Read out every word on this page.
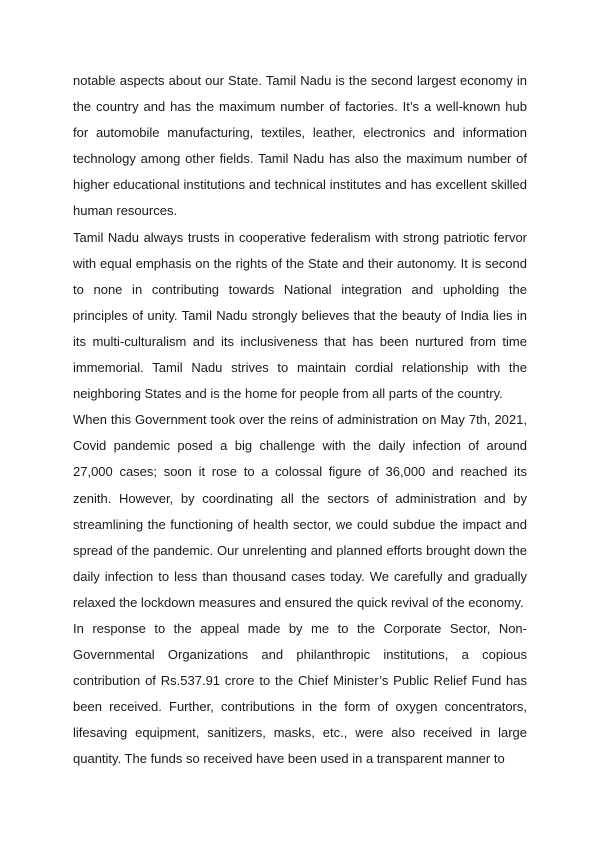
notable aspects about our State. Tamil Nadu is the second largest economy in the country and has the maximum number of factories. It’s a well-known hub for automobile manufacturing, textiles, leather, electronics and information technology among other fields. Tamil Nadu has also the maximum number of higher educational institutions and technical institutes and has excellent skilled human resources.

Tamil Nadu always trusts in cooperative federalism with strong patriotic fervor with equal emphasis on the rights of the State and their autonomy. It is second to none in contributing towards National integration and upholding the principles of unity. Tamil Nadu strongly believes that the beauty of India lies in its multi-culturalism and its inclusiveness that has been nurtured from time immemorial. Tamil Nadu strives to maintain cordial relationship with the neighboring States and is the home for people from all parts of the country.

When this Government took over the reins of administration on May 7th, 2021, Covid pandemic posed a big challenge with the daily infection of around 27,000 cases; soon it rose to a colossal figure of 36,000 and reached its zenith. However, by coordinating all the sectors of administration and by streamlining the functioning of health sector, we could subdue the impact and spread of the pandemic. Our unrelenting and planned efforts brought down the daily infection to less than thousand cases today. We carefully and gradually relaxed the lockdown measures and ensured the quick revival of the economy.

In response to the appeal made by me to the Corporate Sector, Non-Governmental Organizations and philanthropic institutions, a copious contribution of Rs.537.91 crore to the Chief Minister’s Public Relief Fund has been received. Further, contributions in the form of oxygen concentrators, lifesaving equipment, sanitizers, masks, etc., were also received in large quantity. The funds so received have been used in a transparent manner to
